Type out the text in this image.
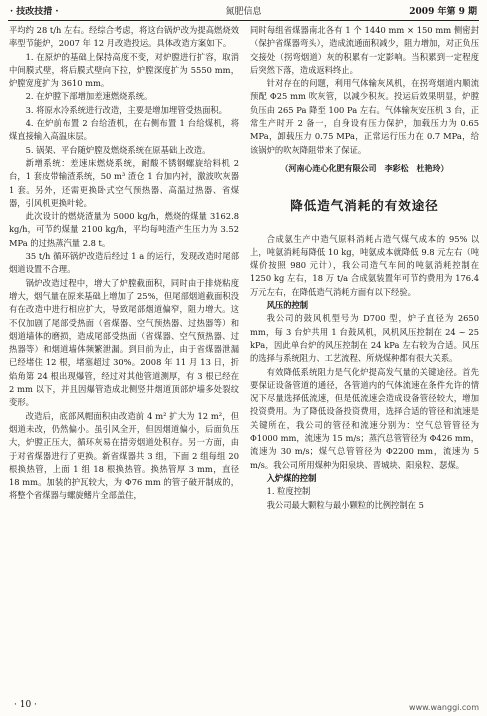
· 技改技措 ·	氮肥信息	2009 年第 9 期

平均约 28 t/h 左右。经综合考虑，将这台锅炉改为提高燃烧效率型节能炉，2007 年 12 月改造投运。具体改造方案如下。

1. 在原炉的基础上保持高度不变，对炉膛进行扩容，取消中间膜式壁，将后膜式壁向下拉，炉膛深度扩为 5550 mm，炉膛宽度扩为 3610 mm。

2. 在炉膛下部增加差速燃烧系统。

3. 将原水冷系统进行改造，主要是增加埋管受热面积。

4. 在炉前布置 2 台给渣机，在右侧布置 1 台给煤机，将煤直接输入高温床层。

5. 锅架、平台随炉膛及燃烧系统在原基础上改造。

新增系统：差速床燃烧系统，耐酸不锈钢螺旋给料机 2 台，1 套皮带输渣系统，50 m³ 渣仓 1 台加内衬，激波吹灰器 1 套。另外，还需更换卧式空气预热器、高温过热器、省煤器，引风机更换叶轮。

此次设计的燃烧渣量为 5000 kg/h，燃烧的煤量 3162.8 kg/h，可节约煤量 2100 kg/h，平均每吨渣产生压力为 3.52 MPa 的过热蒸汽量 2.8 t。

35 t/h 循环锅炉改造后经过 1 a 的运行，发现改造时尾部烟道设置不合理。

锅炉改造过程中，增大了炉膛截面积，同时由于排烧粘度增大，烟气量在原来基础上增加了 25%，但尾部烟道截面积没有在改造中进行相应扩大，导致尾部烟道偏窄，阻力增大。这不仅加剧了尾部受热面（省煤器、空气预热器、过热器等）和烟道墙体的磨损，造成尾部受热面（省煤器、空气预热器、过热器等）和烟道墙体频繁泄漏。到目前为止，由于省煤器泄漏已经堵住 12 根，堵塞超过 30%。2008 年 11 月 13 日，折焰角第 24 根出现爆管，经过对其他管道测厚，有 3 根已经在 2 mm 以下，并且因爆管造成北侧竖井烟道顶部炉墙多处裂纹变形。

改造后，底部风帽面积由改造前 4 m² 扩大为 12 m²，但烟道未改，仍然偏小。虽引风全开，但因烟道偏小，后面负压大，炉膛正压大，循环灰易在措旁烟道处积存。另一方面，由于对省煤器进行了更换。新省煤器共 3 组，下面 2 组每组 20 根换热管，上面 1 组 18 根换热管。换热管厚 3 mm，直径 18 mm。加装的护瓦较大，为 Φ76 mm 的管子破开制成的，将整个省煤器与螺旋鳍片全部盖住，

同时每组省煤器南北各有 1 个 1440 mm × 150 mm 侧密封（保护省煤器弯头），造成流通面积减少，阻力增加，对正负压交接处（拐弯烟道）灰的积累有一定影响。当积累到一定程度后突然下落，造成返料终止。

针对存在的问题，利用气体输灰风机，在拐弯烟道内顺流预配 Φ25 mm 吹灰管，以减少积灰。投运后效果明显，炉膛负压由 265 Pa 降至 100 Pa 左右。气体输灰安压机 3 台，正常生产时开 2 备一，自身设有压力保护，加载压力为 0.65 MPa，卸载压力 0.75 MPa，正常运行压力在 0.7 MPa，给该锅炉的吹灰降阻带来了保证。

（河南心连心化肥有限公司　李彩松　杜艳玲）
降低造气消耗的有效途径

合成氨生产中造气原料消耗占造气煤气成本的 95% 以上，吨氨消耗每降低 10 kg，吨氨成本就降低 9.8 元左右（吨煤价按照 980 元计），我公司造气车间的吨氨消耗控制在 1250 kg 左右，18 万 t/a 合成氨装置年可节约费用为 176.4 万元左右，在降低造气消耗方面有以下经验。

风压的控制

我公司的鼓风机型号为 D700 型，炉子直径为 2650 mm，每 3 台炉共用 1 台鼓风机，风机风压控制在 24 ~ 25 kPa，因此单台炉的风压控制在 24 kPa 左右较为合适。风压的选择与系统阻力、工艺流程、所烧煤种都有很大关系。

有效降低系统阻力是气化炉提高发气量的关键途径。首先要保证设备管道的通径，各管道内的气体流速在条件允许的情况下尽量选择低流速，但是低流速会造成设备管径较大，增加投资费用。为了降低设备投资费用，选择合适的管径和流速是关键所在，我公司的管径和流速分别为：空气总管管径为 Φ1000 mm，流速为 15 m/s；蒸汽总管管径为 Φ426 mm，流速为 30 m/s；煤气总管管径为 Φ2200 mm，流速为 5 m/s。我公司所用煤种为阳泉块、晋城块、阳泉粒、瑟煤。

入炉煤的控制

1. 粒度控制

我公司最大颗粒与最小颗粒的比例控制在 5

· 10 ·	www.wanggi.com
